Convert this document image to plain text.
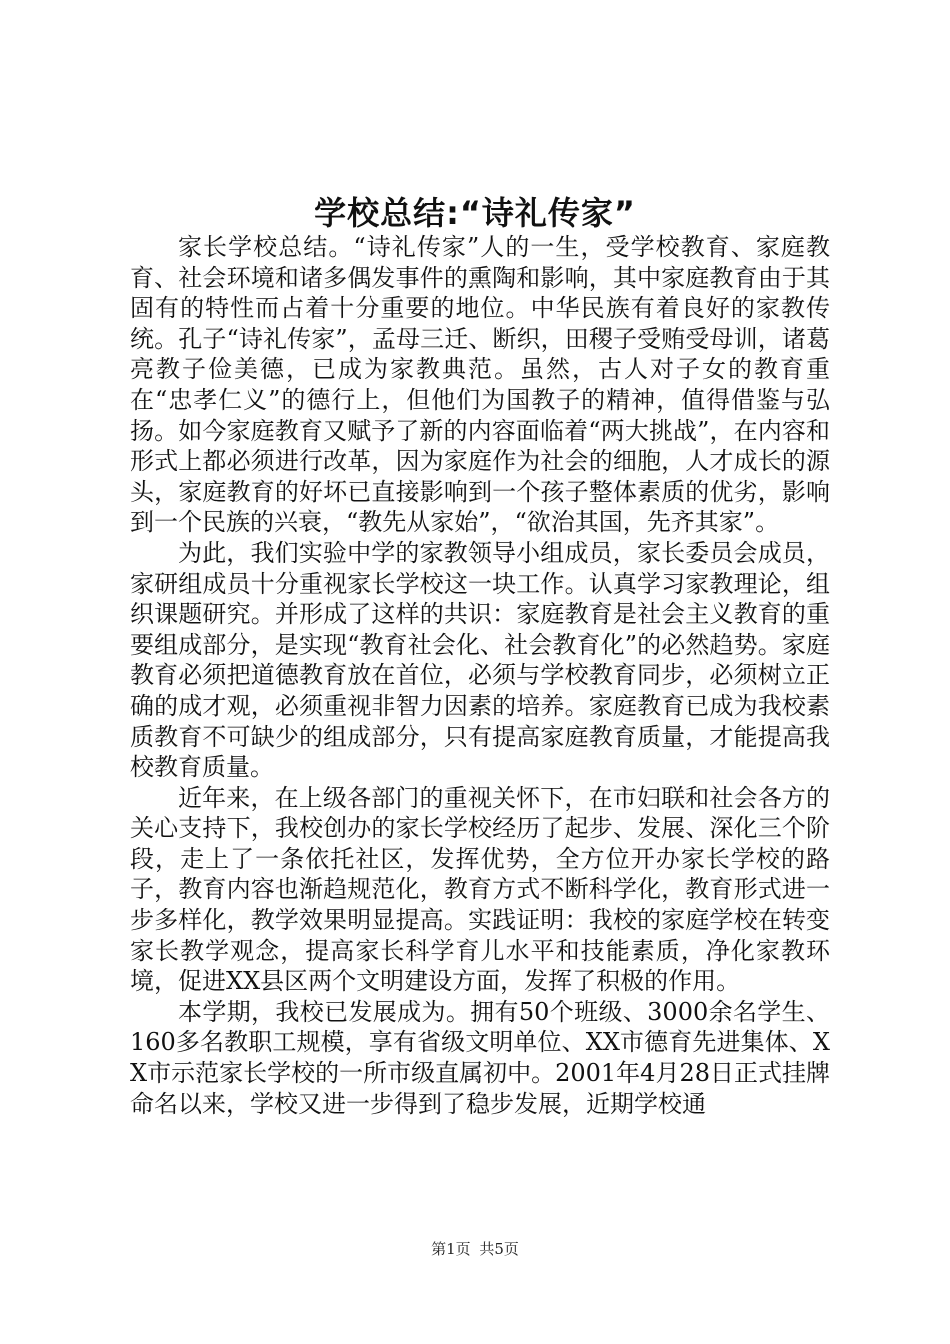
学校总结:“诗礼传家”

家长学校总结。“诗礼传家”人的一生，受学校教育、家庭教育、社会环境和诸多偶发事件的熏陶和影响，其中家庭教育由于其固有的特性而占着十分重要的地位。中华民族有着良好的家教传统。孔子“诗礼传家”，孟母三迁、断织，田稷子受贿受母训，诸葛亮教子俭美德，已成为家教典范。虽然，古人对子女的教育重在“忠孝仁义”的德行上，但他们为国教子的精神，值得借鉴与弘扬。如今家庭教育又赋予了新的内容面临着“两大挑战”，在内容和形式上都必须进行改革，因为家庭作为社会的细胞，人才成长的源头，家庭教育的好坏已直接影响到一个孩子整体素质的优劣，影响到一个民族的兴衰，“教先从家始”，“欲治其国，先齐其家”。

为此，我们实验中学的家教领导小组成员，家长委员会成员，家研组成员十分重视家长学校这一块工作。认真学习家教理论，组织课题研究。并形成了这样的共识：家庭教育是社会主义教育的重要组成部分，是实现“教育社会化、社会教育化”的必然趋势。家庭教育必须把道德教育放在首位，必须与学校教育同步，必须树立正确的成才观，必须重视非智力因素的培养。家庭教育已成为我校素质教育不可缺少的组成部分，只有提高家庭教育质量，才能提高我校教育质量。

近年来，在上级各部门的重视关怀下，在市妇联和社会各方的关心支持下，我校创办的家长学校经历了起步、发展、深化三个阶段，走上了一条依托社区，发挥优势，全方位开办家长学校的路子，教育内容也渐趋规范化，教育方式不断科学化，教育形式进一步多样化，教学效果明显提高。实践证明：我校的家庭学校在转变家长教学观念，提高家长科学育儿水平和技能素质，净化家教环境，促进XX县区两个文明建设方面，发挥了积极的作用。

本学期，我校已发展成为。拥有50个班级、3000余名学生、160多名教职工规模，享有省级文明单位、XX市德育先进集体、XX市示范家长学校的一所市级直属初中。2001年4月28日正式挂牌命名以来，学校又进一步得到了稳步发展，近期学校通

第1页 共5页
